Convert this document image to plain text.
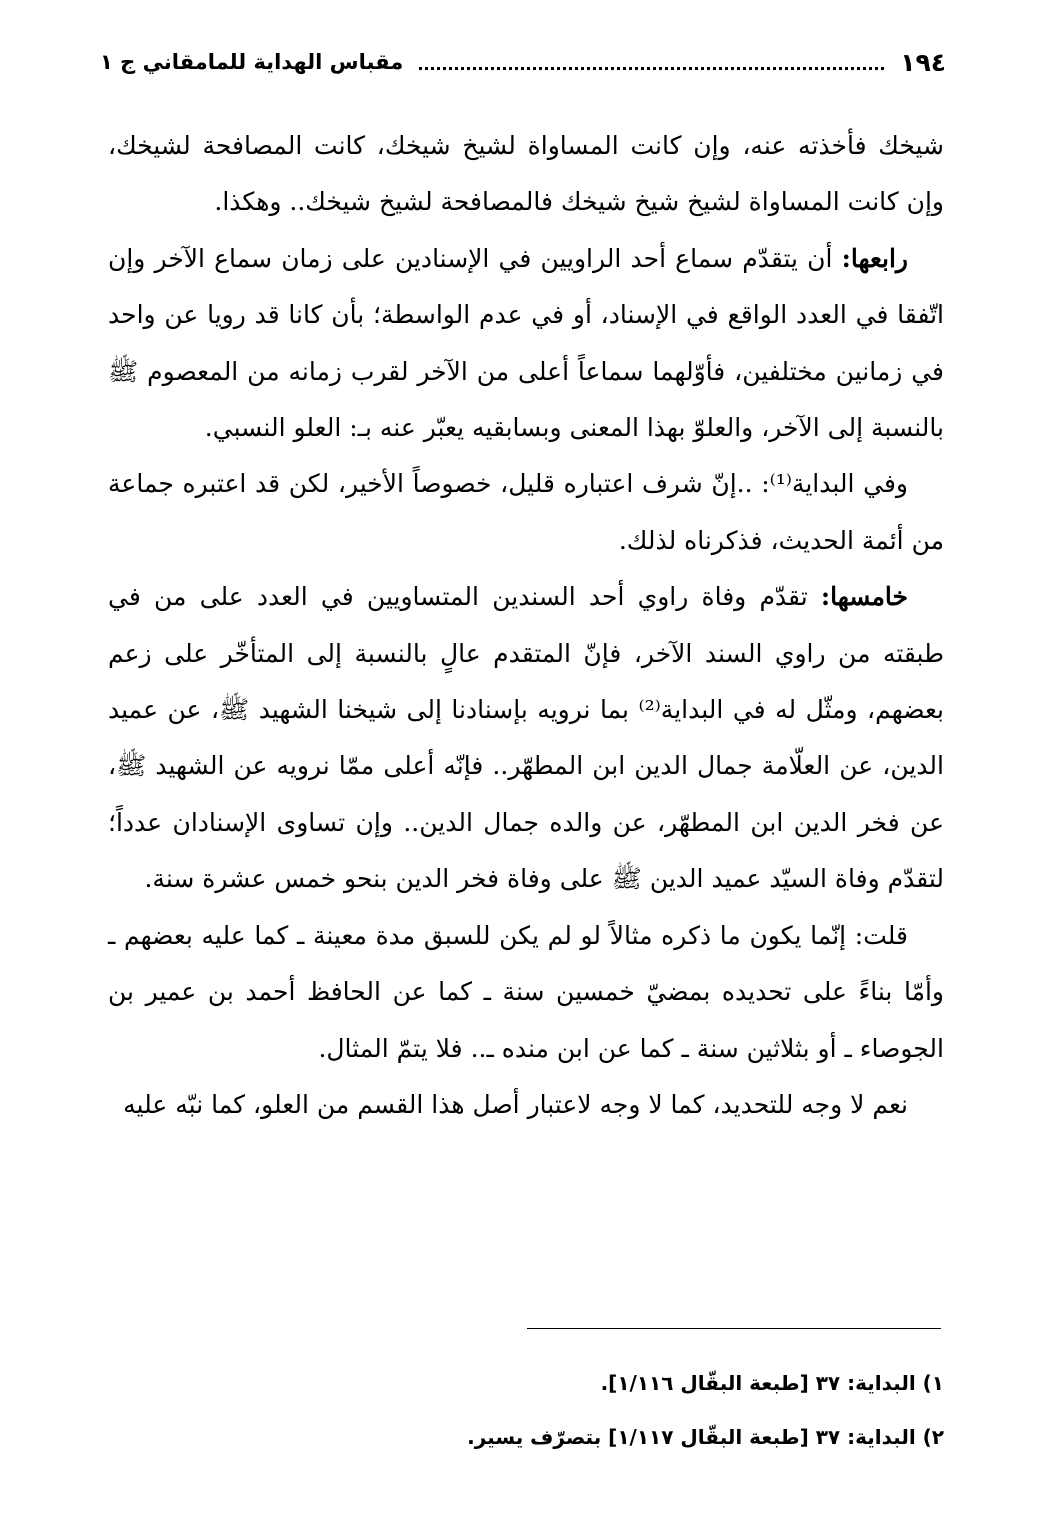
١٩٤
مقباس الهداية للمامقاني ج ١

شيخك فأخذته عنه، وإن كانت المساواة لشيخ شيخك، كانت المصافحة لشيخك، وإن كانت المساواة لشيخ شيخ شيخك فالمصافحة لشيخ شيخك.. وهكذا.

رابعها: أن يتقدّم سماع أحد الراويين في الإسنادين على زمان سماع الآخر وإن اتّفقا في العدد الواقع في الإسناد، أو في عدم الواسطة؛ بأن كانا قد رويا عن واحد في زمانين مختلفين، فأوّلهما سماعاً أعلى من الآخر لقرب زمانه من المعصوم ﷺ بالنسبة إلى الآخر، والعلوّ بهذا المعنى وبسابقيه يعبّر عنه بـ: العلو النسبي.

وفي البداية⁽¹⁾: ..إنّ شرف اعتباره قليل، خصوصاً الأخير، لكن قد اعتبره جماعة من أئمة الحديث، فذكرناه لذلك.

خامسها: تقدّم وفاة راوي أحد السندين المتساويين في العدد على من في طبقته من راوي السند الآخر، فإنّ المتقدم عالٍ بالنسبة إلى المتأخّر على زعم بعضهم، ومثّل له في البداية⁽²⁾ بما نرويه بإسنادنا إلى شيخنا الشهيد ﷺ، عن عميد الدين، عن العلّامة جمال الدين ابن المطهّر.. فإنّه أعلى ممّا نرويه عن الشهيد ﷺ، عن فخر الدين ابن المطهّر، عن والده جمال الدين.. وإن تساوى الإسنادان عدداً؛ لتقدّم وفاة السيّد عميد الدين ﷺ على وفاة فخر الدين بنحو خمس عشرة سنة.

قلت: إنّما يكون ما ذكره مثالاً لو لم يكن للسبق مدة معينة ـ كما عليه بعضهم ـ وأمّا بناءً على تحديده بمضيّ خمسين سنة ـ كما عن الحافظ أحمد بن عمير بن الجوصاء ـ أو بثلاثين سنة ـ كما عن ابن منده ـ.. فلا يتمّ المثال.

نعم لا وجه للتحديد، كما لا وجه لاعتبار أصل هذا القسم من العلو، كما نبّه عليه

١) البداية: ٣٧ [طبعة البقّال ١/١١٦].
٢) البداية: ٣٧ [طبعة البقّال ١/١١٧] بتصرّف يسير.
